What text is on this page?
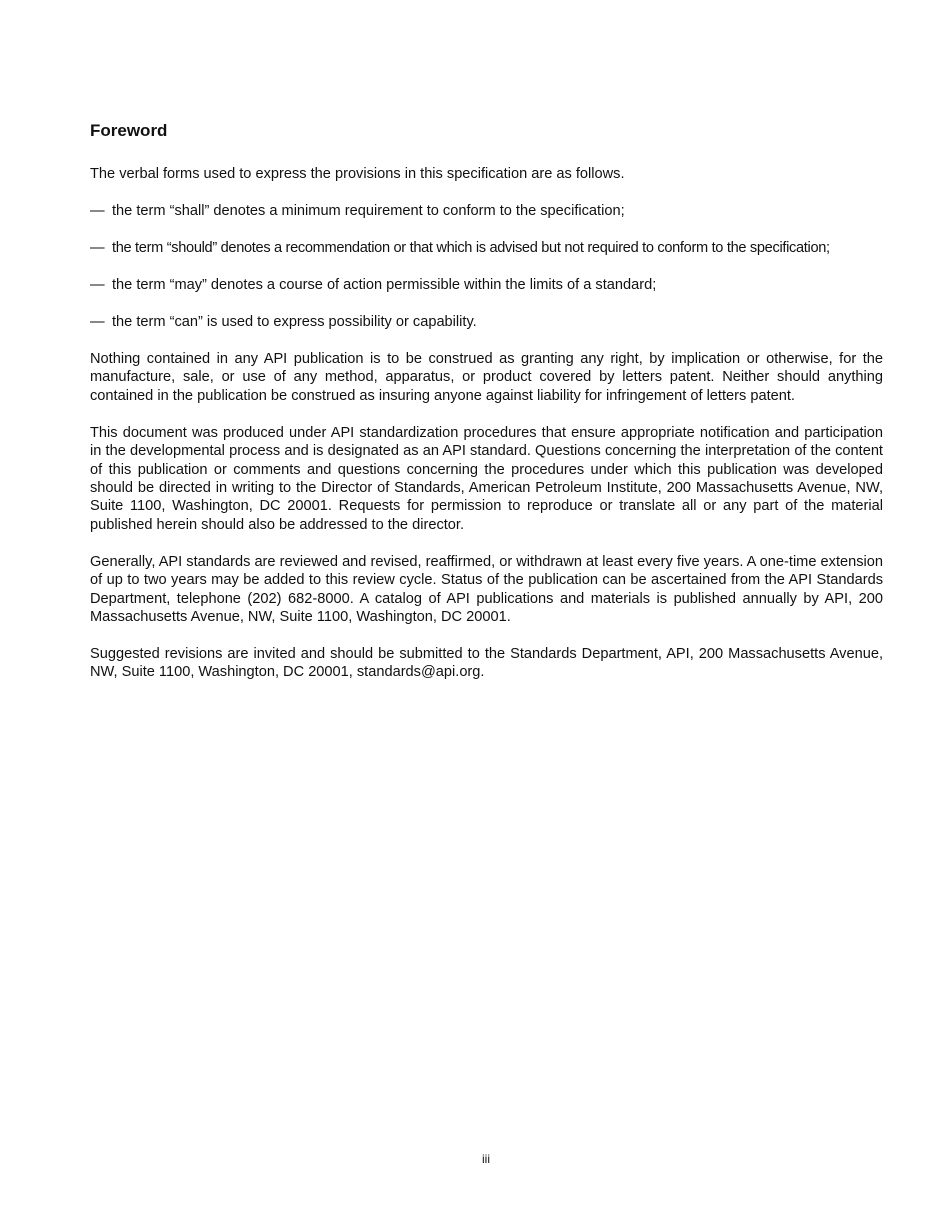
Foreword

The verbal forms used to express the provisions in this specification are as follows.

— the term “shall” denotes a minimum requirement to conform to the specification;
— the term “should” denotes a recommendation or that which is advised but not required to conform to the specification;
— the term “may” denotes a course of action permissible within the limits of a standard;
— the term “can” is used to express possibility or capability.

Nothing contained in any API publication is to be construed as granting any right, by implication or otherwise, for the manufacture, sale, or use of any method, apparatus, or product covered by letters patent. Neither should anything contained in the publication be construed as insuring anyone against liability for infringement of letters patent.

This document was produced under API standardization procedures that ensure appropriate notification and participation in the developmental process and is designated as an API standard. Questions concerning the interpretation of the content of this publication or comments and questions concerning the procedures under which this publication was developed should be directed in writing to the Director of Standards, American Petroleum Institute, 200 Massachusetts Avenue, NW, Suite 1100, Washington, DC 20001. Requests for permission to reproduce or translate all or any part of the material published herein should also be addressed to the director.

Generally, API standards are reviewed and revised, reaffirmed, or withdrawn at least every five years. A one-time extension of up to two years may be added to this review cycle. Status of the publication can be ascertained from the API Standards Department, telephone (202) 682-8000. A catalog of API publications and materials is published annually by API, 200 Massachusetts Avenue, NW, Suite 1100, Washington, DC 20001.

Suggested revisions are invited and should be submitted to the Standards Department, API, 200 Massachusetts Avenue, NW, Suite 1100, Washington, DC 20001, standards@api.org.

iii
